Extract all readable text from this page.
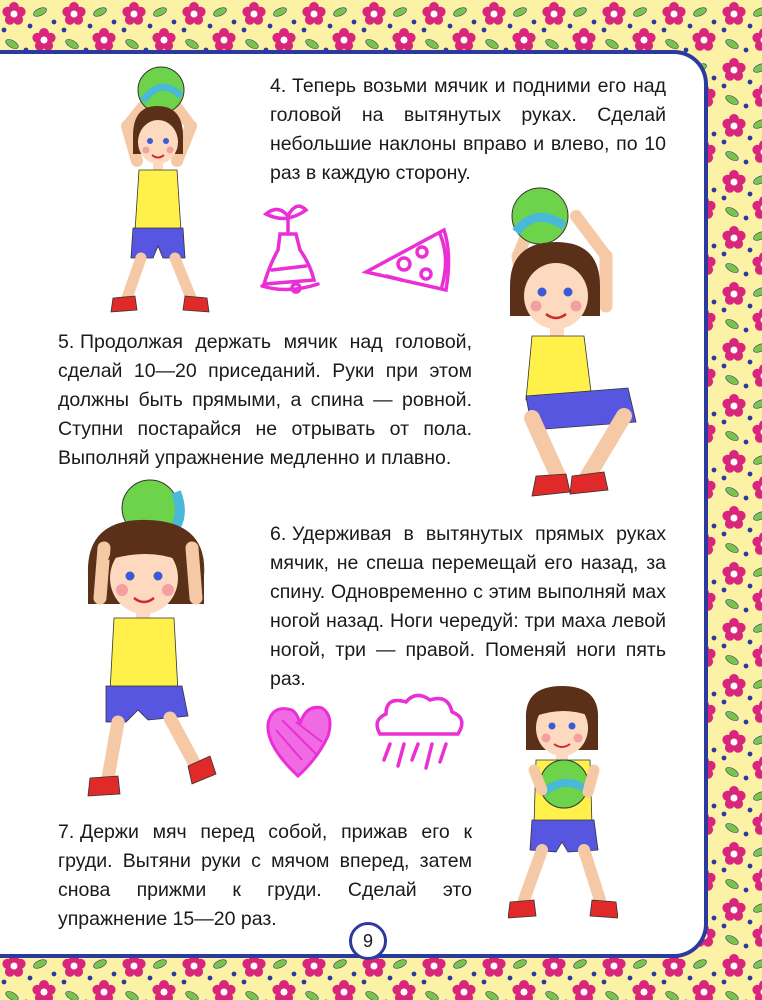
4. Теперь возьми мячик и подними его над головой на вытянутых руках. Сделай небольшие наклоны вправо и влево, по 10 раз в каждую сторону.
5. Продолжая держать мячик над головой, сделай 10—20 приседаний. Руки при этом должны быть прямыми, а спина — ровной. Ступни постарайся не отрывать от пола. Выполняй упражнение медленно и плавно.
6. Удерживая в вытянутых прямых руках мячик, не спеша перемещай его назад, за спину. Одновременно с этим выполняй мах ногой назад. Ноги чередуй: три маха левой ногой, три — правой. Поменяй ноги пять раз.
7. Держи мяч перед собой, прижав его к груди. Вытяни руки с мячом вперед, затем снова прижми к груди. Сделай это упражнение 15—20 раз.
9
